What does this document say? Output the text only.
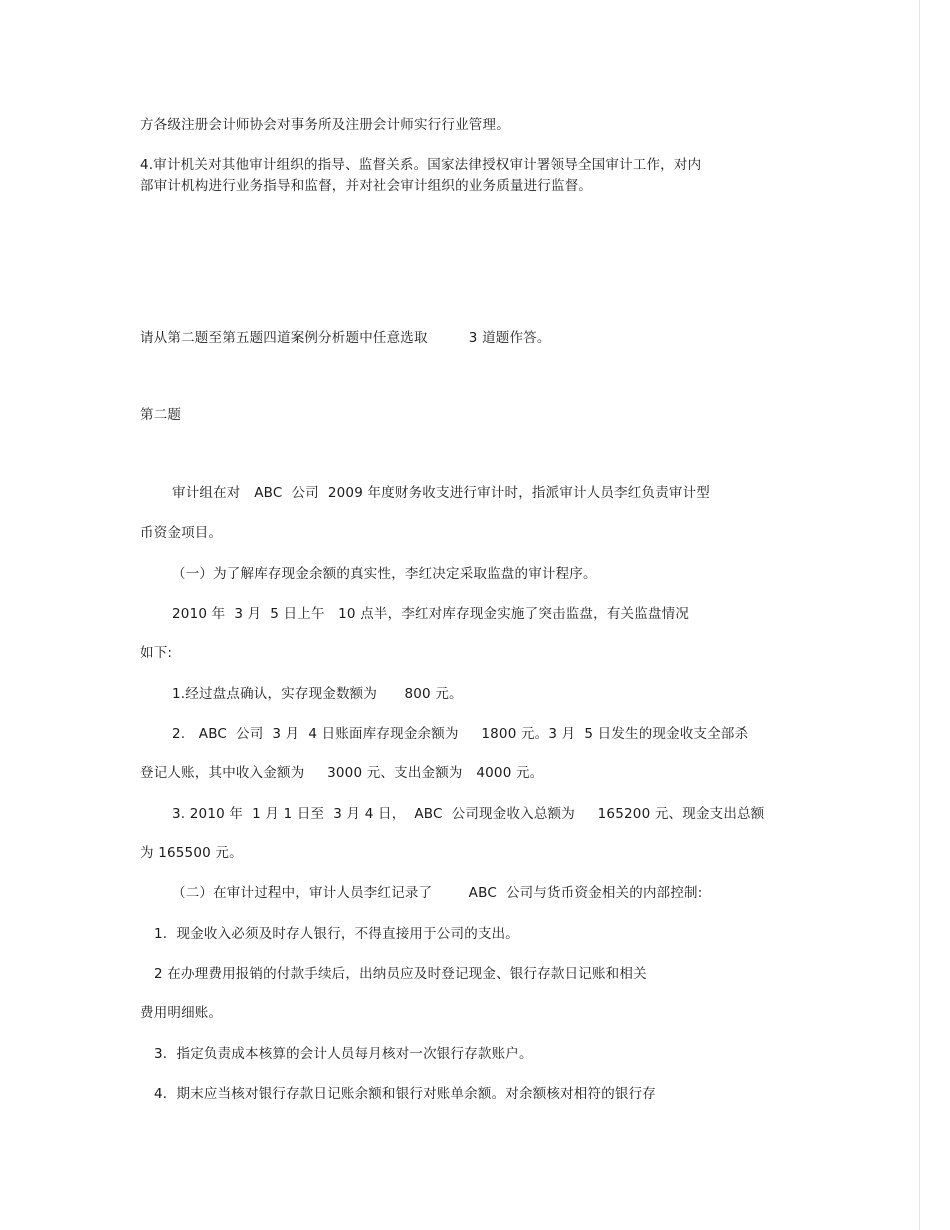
方各级注册会计师协会对事务所及注册会计师实行行业管理。
4.审计机关对其他审计组织的指导、监督关系。国家法律授权审计署领导全国审计工作，对内
部审计机构进行业务指导和监督，并对社会审计组织的业务质量进行监督。
请从第二题至第五题四道案例分析题中任意选取　　　3 道题作答。
第二题
审计组在对　ABC  公司  2009 年度财务收支进行审计时，指派审计人员李红负责审计型
币资金项目。
（一）为了解库存现金余额的真实性，李红决定采取监盘的审计程序。
2010 年  3 月  5 日上午   10 点半，李红对库存现金实施了突击监盘，有关监盘情况
如下:
1.经过盘点确认，实存现金数额为　　800 元。
2.   ABC  公司  3 月  4 日账面库存现金余额为　  1800 元。3 月  5 日发生的现金收支全部杀
登记人账，其中收入金额为　  3000 元、支出金额为　4000 元。
3. 2010 年  1 月 1 日至  3 月 4 日，  ABC  公司现金收入总额为　  165200 元、现金支出总额
为 165500 元。
（二）在审计过程中，审计人员李红记录了　　  ABC  公司与货币资金相关的内部控制:
1．现金收入必须及时存人银行，不得直接用于公司的支出。
2 在办理费用报销的付款手续后，出纳员应及时登记现金、银行存款日记账和相关
费用明细账。
3．指定负责成本核算的会计人员每月核对一次银行存款账户。
4．期末应当核对银行存款日记账余额和银行对账单余额。对余额核对相符的银行存
